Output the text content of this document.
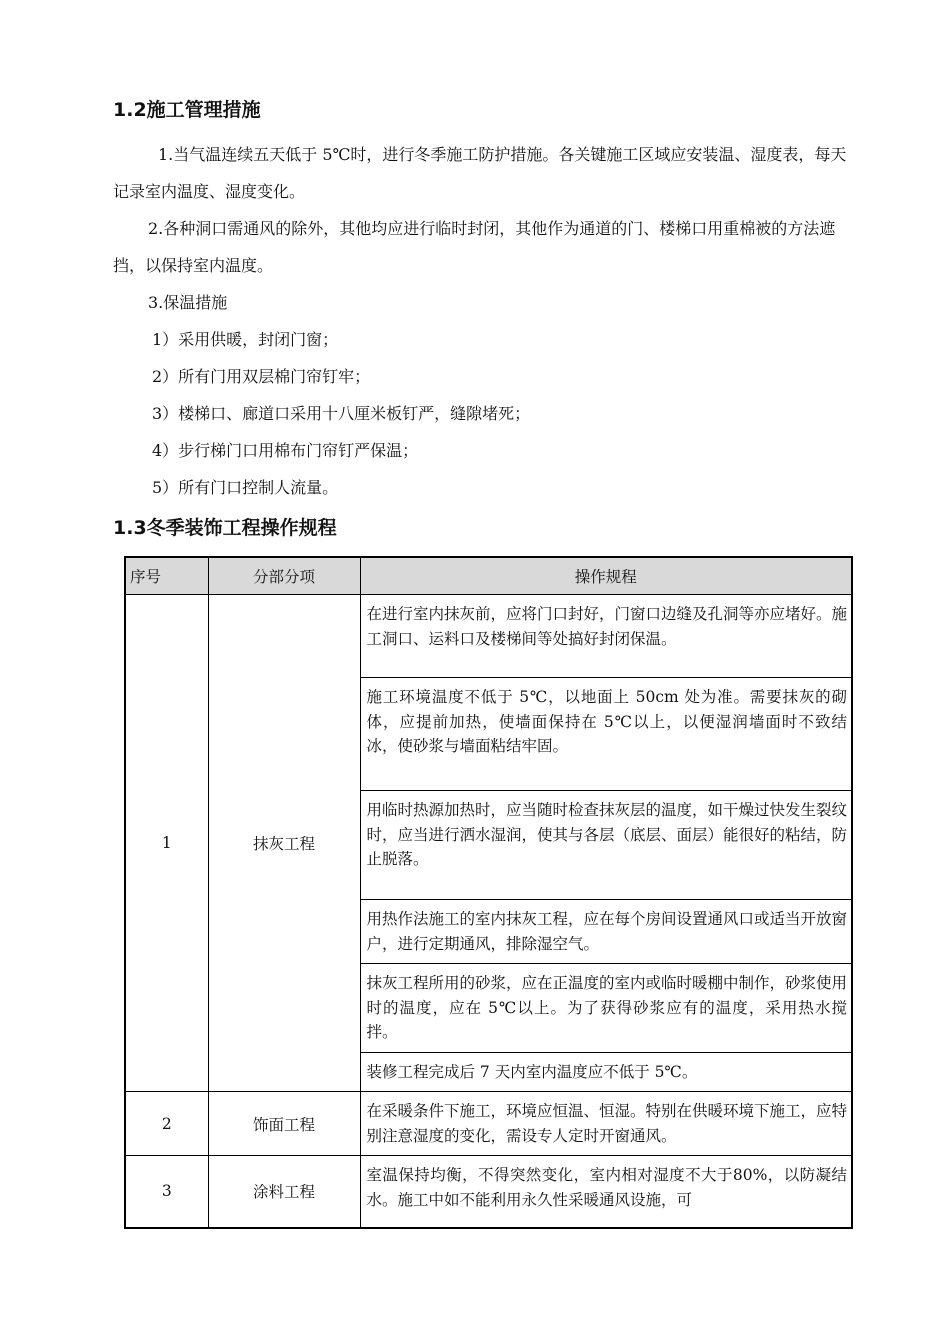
1.2施工管理措施

1.当气温连续五天低于 5℃时，进行冬季施工防护措施。各关键施工区域应安装温、湿度表，每天记录室内温度、湿度变化。

2.各种洞口需通风的除外，其他均应进行临时封闭，其他作为通道的门、楼梯口用重棉被的方法遮挡，以保持室内温度。

3.保温措施

1）采用供暖，封闭门窗；

2）所有门用双层棉门帘钉牢；

3）楼梯口、廊道口采用十八厘米板钉严，缝隙堵死；

4）步行梯门口用棉布门帘钉严保温；

5）所有门口控制人流量。

1.3冬季装饰工程操作规程
序号	分部分项	操作规程
1	抹灰工程	在进行室内抹灰前，应将门口封好，门窗口边缝及孔洞等亦应堵好。施工洞口、运料口及楼梯间等处搞好封闭保温。
		施工环境温度不低于 5℃，以地面上 50cm 处为准。需要抹灰的砌体，应提前加热，使墙面保持在 5℃以上，以便湿润墙面时不致结冰，使砂浆与墙面粘结牢固。
		用临时热源加热时，应当随时检查抹灰层的温度，如干燥过快发生裂纹时，应当进行洒水湿润，使其与各层（底层、面层）能很好的粘结，防止脱落。
		用热作法施工的室内抹灰工程，应在每个房间设置通风口或适当开放窗户，进行定期通风，排除湿空气。
		抹灰工程所用的砂浆，应在正温度的室内或临时暖棚中制作，砂浆使用时的温度，应在 5℃以上。为了获得砂浆应有的温度，采用热水搅拌。
		装修工程完成后 7 天内室内温度应不低于 5℃。
2	饰面工程	在采暖条件下施工，环境应恒温、恒湿。特别在供暖环境下施工，应特别注意湿度的变化，需设专人定时开窗通风。
3	涂料工程	室温保持均衡，不得突然变化，室内相对湿度不大于80%，以防凝结水。施工中如不能利用永久性采暖通风设施，可
